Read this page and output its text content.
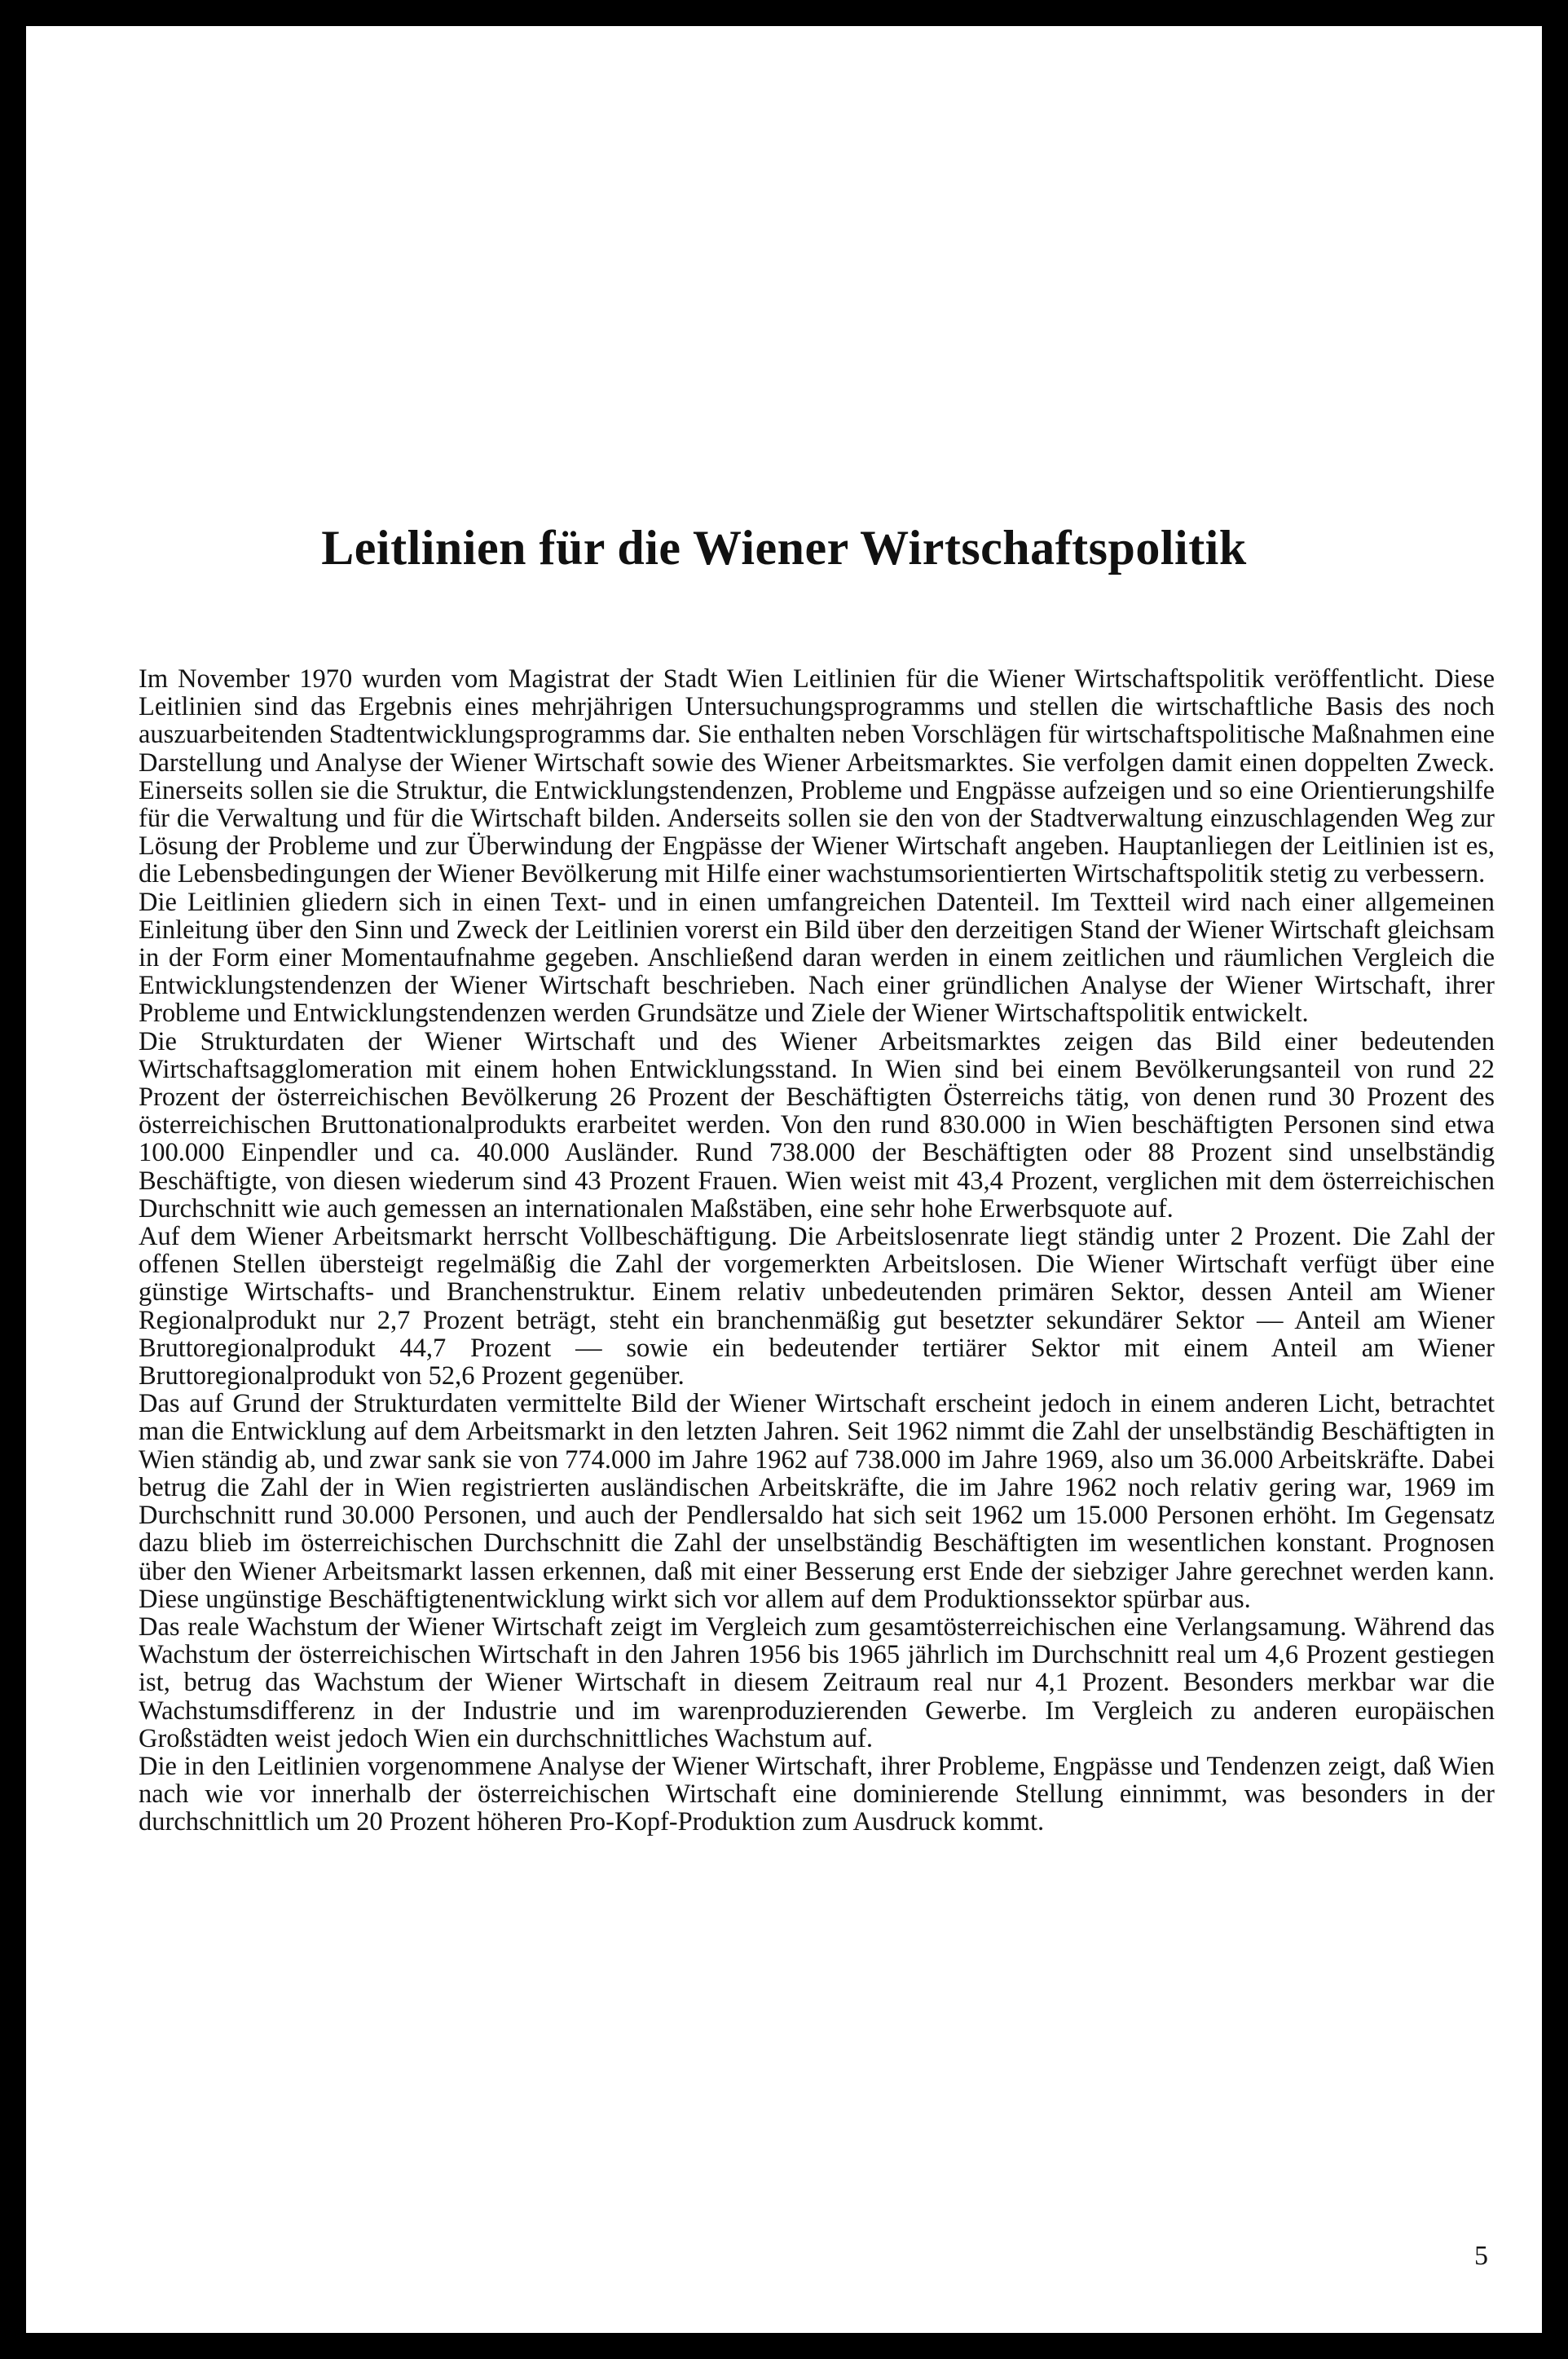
Leitlinien für die Wiener Wirtschaftspolitik

Im November 1970 wurden vom Magistrat der Stadt Wien Leitlinien für die Wiener Wirtschaftspolitik veröffentlicht. Diese Leitlinien sind das Ergebnis eines mehrjährigen Untersuchungsprogramms und stellen die wirtschaftliche Basis des noch auszuarbeitenden Stadtentwicklungsprogramms dar. Sie enthalten neben Vorschlägen für wirtschaftspolitische Maßnahmen eine Darstellung und Analyse der Wiener Wirtschaft sowie des Wiener Arbeitsmarktes. Sie verfolgen damit einen doppelten Zweck. Einerseits sollen sie die Struktur, die Entwicklungstendenzen, Probleme und Engpässe aufzeigen und so eine Orientierungshilfe für die Verwaltung und für die Wirtschaft bilden. Anderseits sollen sie den von der Stadtverwaltung einzuschlagenden Weg zur Lösung der Probleme und zur Überwindung der Engpässe der Wiener Wirtschaft angeben. Hauptanliegen der Leitlinien ist es, die Lebensbedingungen der Wiener Bevölkerung mit Hilfe einer wachstumsorientierten Wirtschaftspolitik stetig zu verbessern.

Die Leitlinien gliedern sich in einen Text- und in einen umfangreichen Datenteil. Im Textteil wird nach einer allgemeinen Einleitung über den Sinn und Zweck der Leitlinien vorerst ein Bild über den derzeitigen Stand der Wiener Wirtschaft gleichsam in der Form einer Momentaufnahme gegeben. Anschließend daran werden in einem zeitlichen und räumlichen Vergleich die Entwicklungstendenzen der Wiener Wirtschaft beschrieben. Nach einer gründlichen Analyse der Wiener Wirtschaft, ihrer Probleme und Entwicklungstendenzen werden Grundsätze und Ziele der Wiener Wirtschaftspolitik entwickelt.

Die Strukturdaten der Wiener Wirtschaft und des Wiener Arbeitsmarktes zeigen das Bild einer bedeutenden Wirtschaftsagglomeration mit einem hohen Entwicklungsstand. In Wien sind bei einem Bevölkerungsanteil von rund 22 Prozent der österreichischen Bevölkerung 26 Prozent der Beschäftigten Österreichs tätig, von denen rund 30 Prozent des österreichischen Bruttonationalprodukts erarbeitet werden. Von den rund 830.000 in Wien beschäftigten Personen sind etwa 100.000 Einpendler und ca. 40.000 Ausländer. Rund 738.000 der Beschäftigten oder 88 Prozent sind unselbständig Beschäftigte, von diesen wiederum sind 43 Prozent Frauen. Wien weist mit 43,4 Prozent, verglichen mit dem österreichischen Durchschnitt wie auch gemessen an internationalen Maßstäben, eine sehr hohe Erwerbsquote auf.

Auf dem Wiener Arbeitsmarkt herrscht Vollbeschäftigung. Die Arbeitslosenrate liegt ständig unter 2 Prozent. Die Zahl der offenen Stellen übersteigt regelmäßig die Zahl der vorgemerkten Arbeitslosen. Die Wiener Wirtschaft verfügt über eine günstige Wirtschafts- und Branchenstruktur. Einem relativ unbedeutenden primären Sektor, dessen Anteil am Wiener Regionalprodukt nur 2,7 Prozent beträgt, steht ein branchenmäßig gut besetzter sekundärer Sektor — Anteil am Wiener Bruttoregionalprodukt 44,7 Prozent — sowie ein bedeutender tertiärer Sektor mit einem Anteil am Wiener Bruttoregionalprodukt von 52,6 Prozent gegenüber.

Das auf Grund der Strukturdaten vermittelte Bild der Wiener Wirtschaft erscheint jedoch in einem anderen Licht, betrachtet man die Entwicklung auf dem Arbeitsmarkt in den letzten Jahren. Seit 1962 nimmt die Zahl der unselbständig Beschäftigten in Wien ständig ab, und zwar sank sie von 774.000 im Jahre 1962 auf 738.000 im Jahre 1969, also um 36.000 Arbeitskräfte. Dabei betrug die Zahl der in Wien registrierten ausländischen Arbeitskräfte, die im Jahre 1962 noch relativ gering war, 1969 im Durchschnitt rund 30.000 Personen, und auch der Pendlersaldo hat sich seit 1962 um 15.000 Personen erhöht. Im Gegensatz dazu blieb im österreichischen Durchschnitt die Zahl der unselbständig Beschäftigten im wesentlichen konstant. Prognosen über den Wiener Arbeitsmarkt lassen erkennen, daß mit einer Besserung erst Ende der siebziger Jahre gerechnet werden kann. Diese ungünstige Beschäftigtenentwicklung wirkt sich vor allem auf dem Produktionssektor spürbar aus.

Das reale Wachstum der Wiener Wirtschaft zeigt im Vergleich zum gesamtösterreichischen eine Verlangsamung. Während das Wachstum der österreichischen Wirtschaft in den Jahren 1956 bis 1965 jährlich im Durchschnitt real um 4,6 Prozent gestiegen ist, betrug das Wachstum der Wiener Wirtschaft in diesem Zeitraum real nur 4,1 Prozent. Besonders merkbar war die Wachstumsdifferenz in der Industrie und im warenproduzierenden Gewerbe. Im Vergleich zu anderen europäischen Großstädten weist jedoch Wien ein durchschnittliches Wachstum auf.

Die in den Leitlinien vorgenommene Analyse der Wiener Wirtschaft, ihrer Probleme, Engpässe und Tendenzen zeigt, daß Wien nach wie vor innerhalb der österreichischen Wirtschaft eine dominierende Stellung einnimmt, was besonders in der durchschnittlich um 20 Prozent höheren Pro-Kopf-Produktion zum Ausdruck kommt.

5
